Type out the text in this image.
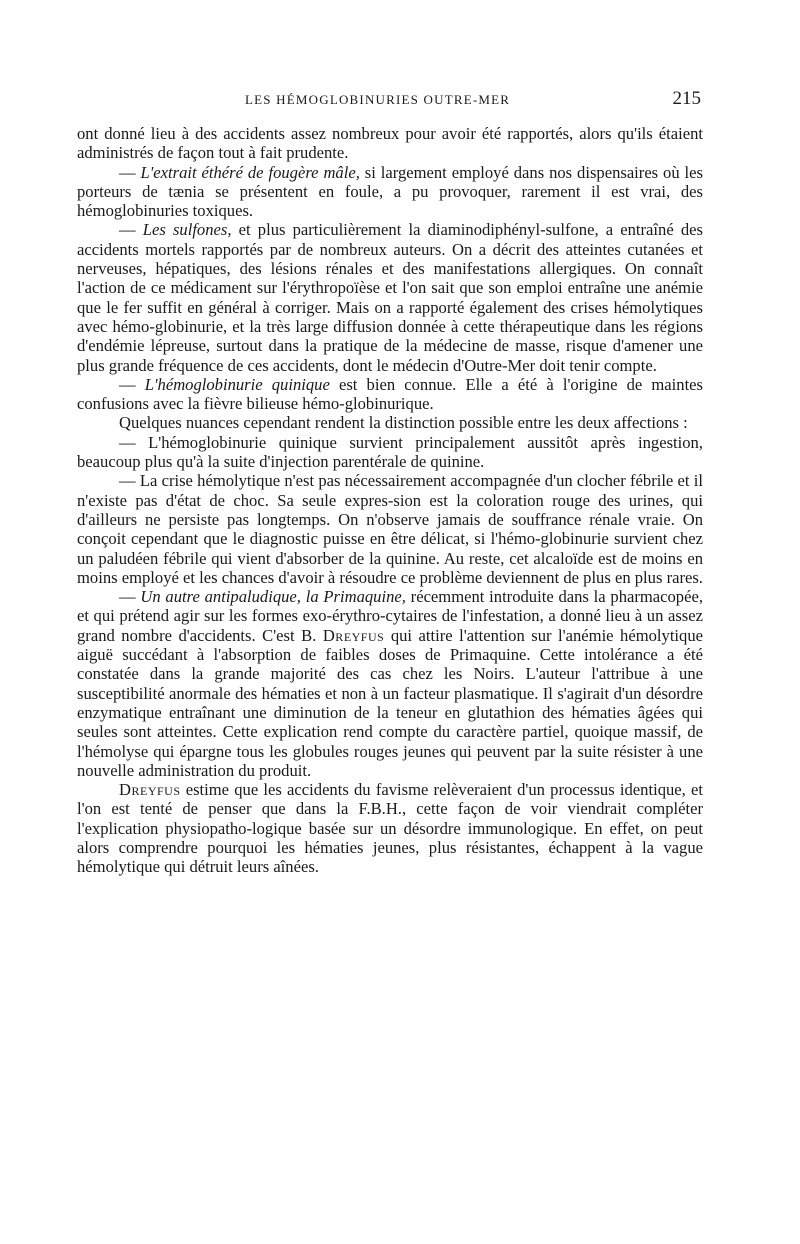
LES HÉMOGLOBINURIES OUTRE-MER	215

ont donné lieu à des accidents assez nombreux pour avoir été rapportés, alors qu'ils étaient administrés de façon tout à fait prudente.

— L'extrait éthéré de fougère mâle, si largement employé dans nos dispensaires où les porteurs de tænia se présentent en foule, a pu provoquer, rarement il est vrai, des hémoglobinuries toxiques.

— Les sulfones, et plus particulièrement la diaminodiphényl-sulfone, a entraîné des accidents mortels rapportés par de nombreux auteurs. On a décrit des atteintes cutanées et nerveuses, hépatiques, des lésions rénales et des manifestations allergiques. On connaît l'action de ce médicament sur l'érythropoïèse et l'on sait que son emploi entraîne une anémie que le fer suffit en général à corriger. Mais on a rapporté également des crises hémolytiques avec hémo-globinurie, et la très large diffusion donnée à cette thérapeutique dans les régions d'endémie lépreuse, surtout dans la pratique de la médecine de masse, risque d'amener une plus grande fréquence de ces accidents, dont le médecin d'Outre-Mer doit tenir compte.

— L'hémoglobinurie quinique est bien connue. Elle a été à l'origine de maintes confusions avec la fièvre bilieuse hémo-globinurique.

Quelques nuances cependant rendent la distinction possible entre les deux affections :

— L'hémoglobinurie quinique survient principalement aussitôt après ingestion, beaucoup plus qu'à la suite d'injection parentérale de quinine.

— La crise hémolytique n'est pas nécessairement accompagnée d'un clocher fébrile et il n'existe pas d'état de choc. Sa seule expres-sion est la coloration rouge des urines, qui d'ailleurs ne persiste pas longtemps. On n'observe jamais de souffrance rénale vraie. On conçoit cependant que le diagnostic puisse en être délicat, si l'hémo-globinurie survient chez un paludéen fébrile qui vient d'absorber de la quinine. Au reste, cet alcaloïde est de moins en moins employé et les chances d'avoir à résoudre ce problème deviennent de plus en plus rares.

— Un autre antipaludique, la Primaquine, récemment introduite dans la pharmacopée, et qui prétend agir sur les formes exo-érythro-cytaires de l'infestation, a donné lieu à un assez grand nombre d'accidents. C'est B. Dreyfus qui attire l'attention sur l'anémie hémolytique aiguë succédant à l'absorption de faibles doses de Primaquine. Cette intolérance a été constatée dans la grande majorité des cas chez les Noirs. L'auteur l'attribue à une susceptibilité anormale des hématies et non à un facteur plasmatique. Il s'agirait d'un désordre enzymatique entraînant une diminution de la teneur en glutathion des hématies âgées qui seules sont atteintes. Cette explication rend compte du caractère partiel, quoique massif, de l'hémolyse qui épargne tous les globules rouges jeunes qui peuvent par la suite résister à une nouvelle administration du produit.

Dreyfus estime que les accidents du favisme relèveraient d'un processus identique, et l'on est tenté de penser que dans la F.B.H., cette façon de voir viendrait compléter l'explication physiopatho-logique basée sur un désordre immunologique. En effet, on peut alors comprendre pourquoi les hématies jeunes, plus résistantes, échappent à la vague hémolytique qui détruit leurs aînées.
